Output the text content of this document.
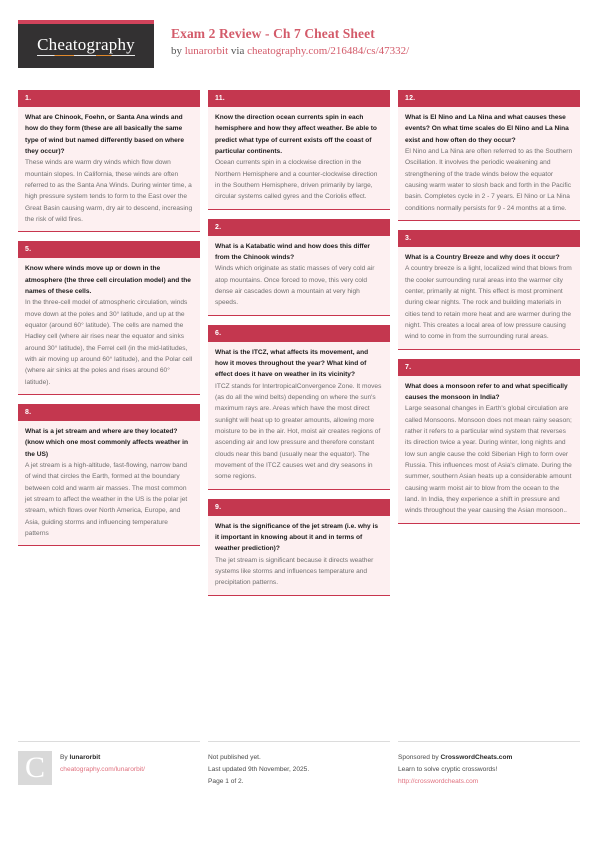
Cheatography
Exam 2 Review - Ch 7 Cheat Sheet
by lunarorbit via cheatography.com/216484/cs/47332/
1.

What are Chinook, Foehn, or Santa Ana winds and how do they form (these are all basically the same type of wind but named differently based on where they occur)?

These winds are warm dry winds which flow down mountain slopes. In California, these winds are often referred to as the Santa Ana Winds. During winter time, a high pressure system tends to form to the East over the Great Basin causing warm, dry air to descend, increasing the risk of wild fires.

5.

Know where winds move up or down in the atmosphere (the three cell circulation model) and the names of these cells.

In the three-cell model of atmospheric circulation, winds move down at the poles and 30° latitude, and up at the equator (around 60° latitude). The cells are named the Hadley cell (where air rises near the equator and sinks around 30° latitude), the Ferrel cell (in the mid-latitudes, with air moving up around 60° latitude), and the Polar cell (where air sinks at the poles and rises around 60° latitude).

8.

What is a jet stream and where are they located? (know which one most commonly affects weather in the US)

A jet stream is a high-altitude, fast-flowing, narrow band of wind that circles the Earth, formed at the boundary between cold and warm air masses. The most common jet stream to affect the weather in the US is the polar jet stream, which flows over North America, Europe, and Asia, guiding storms and influencing temperature patterns

11.

Know the direction ocean currents spin in each hemisphere and how they affect weather. Be able to predict what type of current exists off the coast of particular continents.

Ocean currents spin in a clockwise direction in the Northern Hemisphere and a counter-clockwise direction in the Southern Hemisphere, driven primarily by large, circular systems called gyres and the Coriolis effect.

2.

What is a Katabatic wind and how does this differ from the Chinook winds?

Winds which originate as static masses of very cold air atop mountains. Once forced to move, this very cold dense air cascades down a mountain at very high speeds.

6.

What is the ITCZ, what affects its movement, and how it moves throughout the year? What kind of effect does it have on weather in its vicinity?

ITCZ stands for IntertropicalConvergence Zone. It moves (as do all the wind belts) depending on where the sun's maximum rays are. Areas which have the most direct sunlight will heat up to greater amounts, allowing more moisture to be in the air. Hot, moist air creates regions of ascending air and low pressure and therefore constant clouds near this band (usually near the equator). The movement of the ITCZ causes wet and dry seasons in some regions.

9.

What is the significance of the jet stream (i.e. why is it important in knowing about it and in terms of weather prediction)?

The jet stream is significant because it directs weather systems like storms and influences temperature and precipitation patterns.

12.

What is El Nino and La Nina and what causes these events? On what time scales do El Nino and La Nina exist and how often do they occur?

El Nino and La Nina are often referred to as the Southern Oscillation. It involves the periodic weakening and strengthening of the trade winds below the equator causing warm water to slosh back and forth in the Pacific basin. Completes cycle in 2 - 7 years. El Nino or La Nina conditions normally persists for 9 - 24 months at a time.

3.

What is a Country Breeze and why does it occur?

A country breeze is a light, localized wind that blows from the cooler surrounding rural areas into the warmer city center, primarily at night. This effect is most prominent during clear nights. The rock and building materials in cities tend to retain more heat and are warmer during the night. This creates a local area of low pressure causing wind to come in from the surrounding rural areas.

7.

What does a monsoon refer to and what specifically causes the monsoon in India?

Large seasonal changes in Earth's global circulation are called Monsoons. Monsoon does not mean rainy season; rather it refers to a particular wind system that reverses its direction twice a year. During winter, long nights and low sun angle cause the cold Siberian High to form over Russia. This influences most of Asia's climate. During the summer, southern Asian heats up a considerable amount causing warm moist air to blow from the ocean to the land. In India, they experience a shift in pressure and winds throughout the year causing the Asian monsoon..

C	By lunarorbit
cheatography.com/lunarorbit/
Not published yet.
Last updated 9th November, 2025.
Page 1 of 2.
Sponsored by CrosswordCheats.com
Learn to solve cryptic crosswords!
http://crosswordcheats.com
